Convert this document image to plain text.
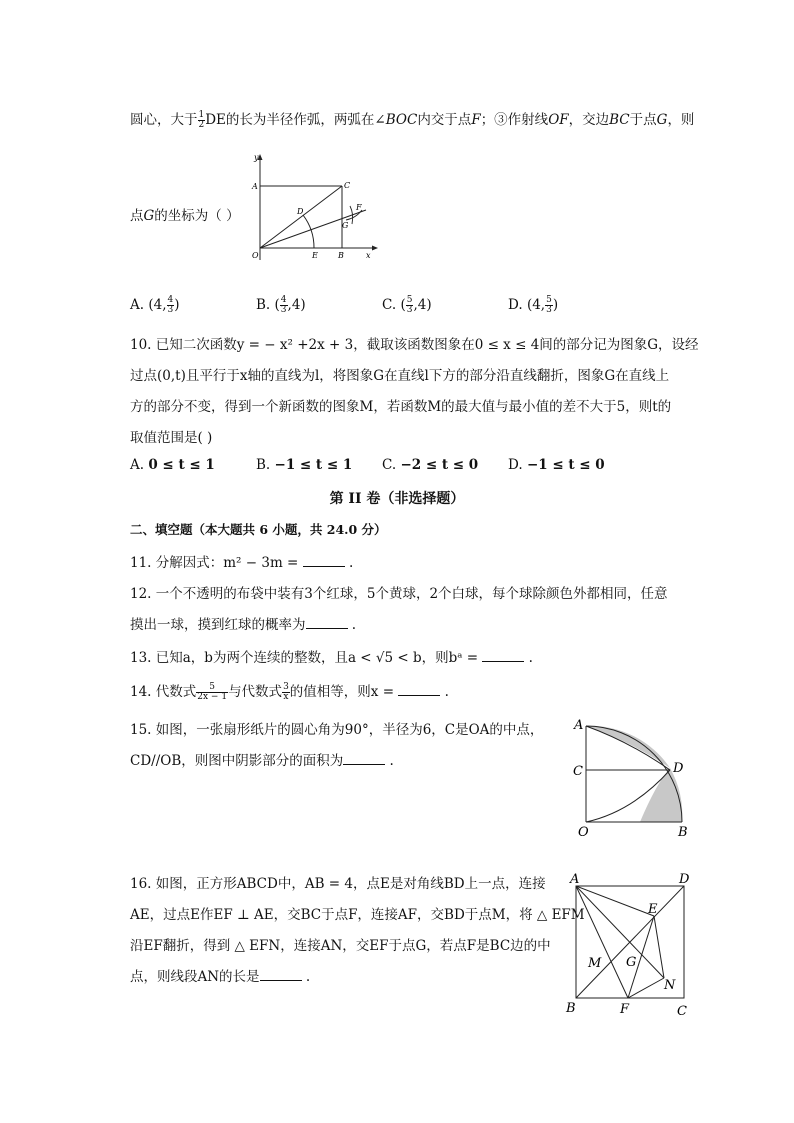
圆心，大于 $\frac{1}{2}$ DE的长为半径作弧，两弧在∠BOC内交于点F；③作射线OF，交边BC于点G，则
点G的坐标为（ ）
y
x
O
A	C
D
E	B
G
F
A. (4, $\frac{4}{3}$ )	B. ( $\frac{4}{3} ,4$)	C. ( $\frac{5}{3} ,4$)	D. (4, $\frac{5}{3}$ )
10. 已知二次函数y = − x² +2x + 3，截取该函数图象在0 ≤ x ≤ 4间的部分记为图象G，设经
过点(0,t)且平行于x轴的直线为l，将图象G在直线l下方的部分沿直线翻折，图象G在直线上
方的部分不变，得到一个新函数的图象M，若函数M的最大值与最小值的差不大于5，则t的
取值范围是( )
A. 0 ≤ t ≤ 1	B. −1 ≤ t ≤ 1 C. −2 ≤ t ≤ 0 D. −1 ≤ t ≤ 0
第 II 卷（非选择题）
二、填空题（本大题共 6 小题，共 24.0 分）
11. 分解因式：m² − 3m =	.
12. 一个不透明的布袋中装有3个红球，5个黄球，2个白球，每个球除颜色外都相同，任意
摸出一球，摸到红球的概率为	.
13. 已知a，b为两个连续的整数，且a < √5 < b，则bᵃ =	.
14. 代数式 $\frac{5}{2x - 1}$ 与代数式 $\frac{3}{x}$ 的值相等，则x =	.
15. 如图，一张扇形纸片的圆心角为90°，半径为6，C是OA的中点，
CD//OB，则图中阴影部分的面积为	.
A
C	D
O	B
16. 如图，正方形ABCD中，AB = 4，点E是对角线BD上一点，连接
AE，过点E作EF ⊥ AE，交BC于点F，连接AF，交BD于点M，将 △ EFM
沿EF翻折，得到 △ EFN，连接AN，交EF于点G，若点F是BC边的中
点，则线段AN的长是	.
A	D
E
M G
N
B	F	C
